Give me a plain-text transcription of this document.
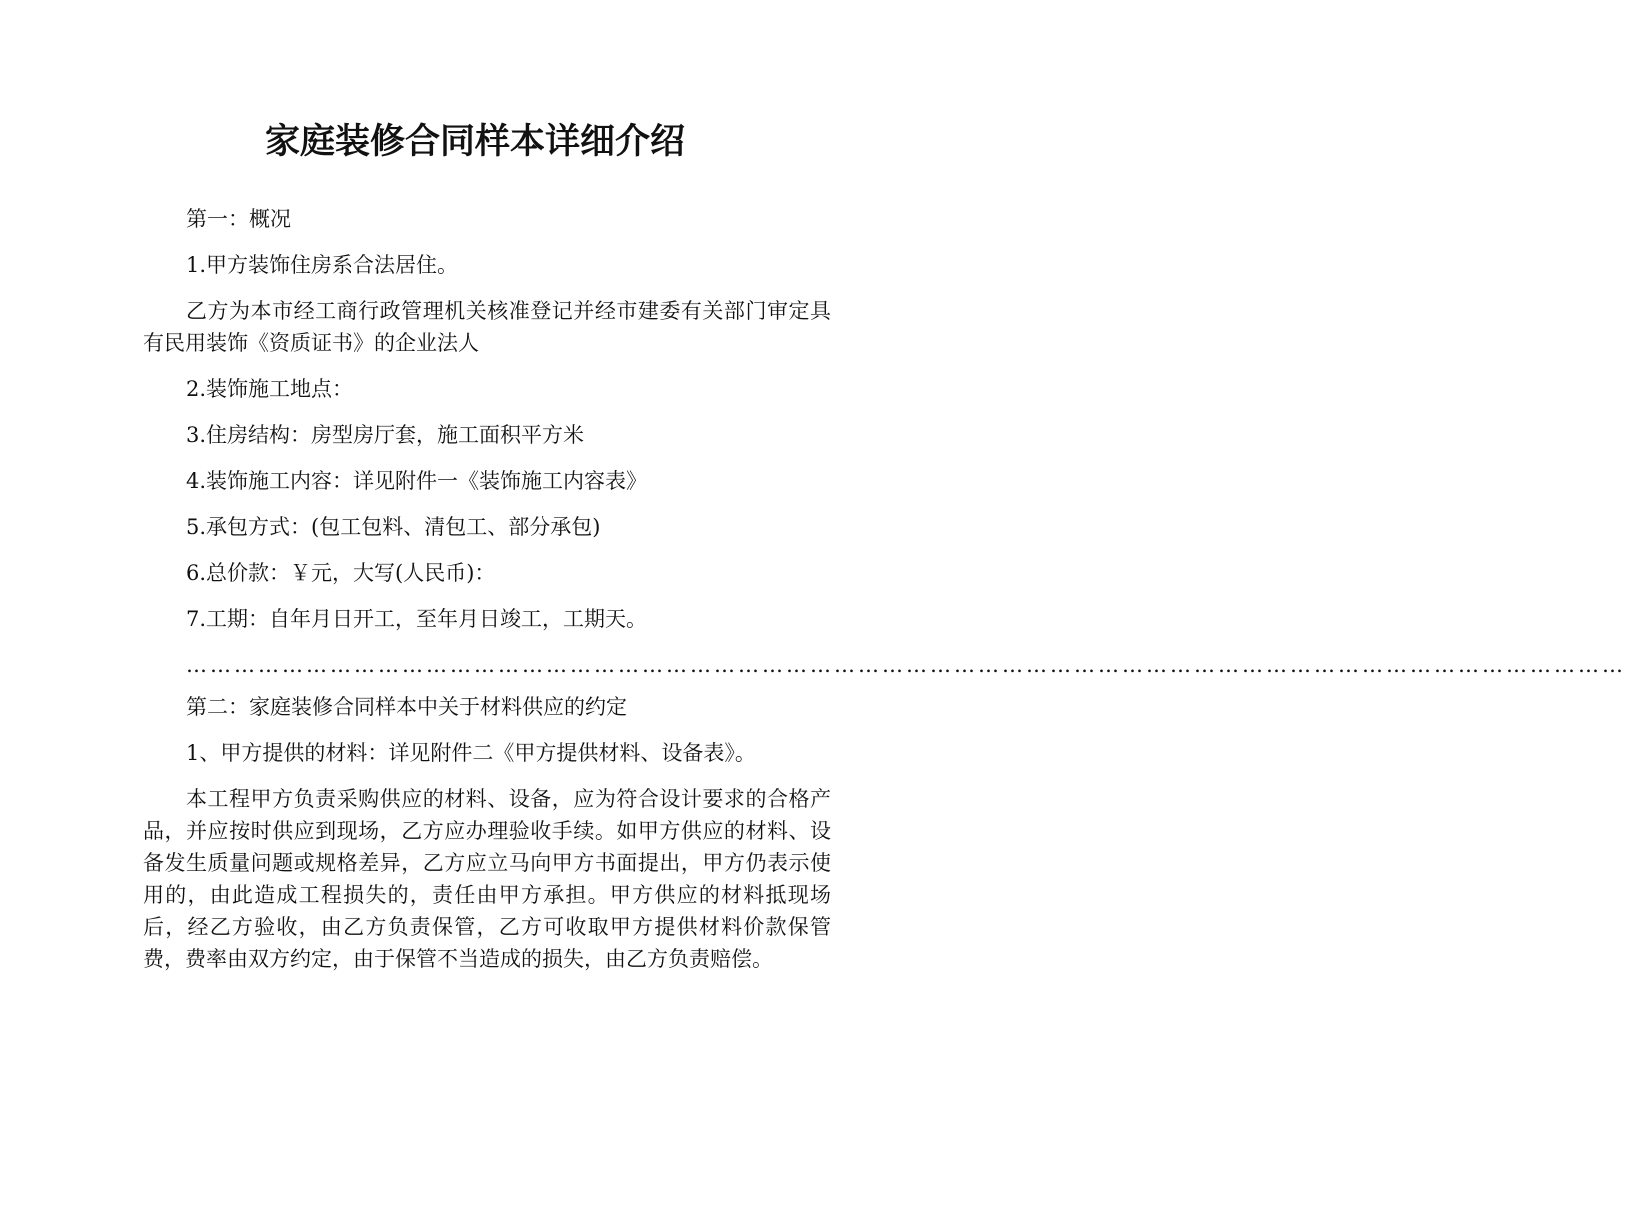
家庭装修合同样本详细介绍

第一：概况

1.甲方装饰住房系合法居住。

乙方为本市经工商行政管理机关核准登记并经市建委有关部门审定具有民用装饰《资质证书》的企业法人

2.装饰施工地点：

3.住房结构：房型房厅套，施工面积平方米

4.装饰施工内容：详见附件一《装饰施工内容表》

5.承包方式：(包工包料、清包工、部分承包)

6.总价款：￥元，大写(人民币)：

7.工期：自年月日开工，至年月日竣工，工期天。

………………………………………………………………………………………………………………………………………………………………

第二：家庭装修合同样本中关于材料供应的约定

1、甲方提供的材料：详见附件二《甲方提供材料、设备表》。

本工程甲方负责采购供应的材料、设备，应为符合设计要求的合格产品，并应按时供应到现场，乙方应办理验收手续。如甲方供应的材料、设备发生质量问题或规格差异，乙方应立马向甲方书面提出，甲方仍表示使用的，由此造成工程损失的，责任由甲方承担。甲方供应的材料抵现场后，经乙方验收，由乙方负责保管，乙方可收取甲方提供材料价款保管费，费率由双方约定，由于保管不当造成的损失，由乙方负责赔偿。
